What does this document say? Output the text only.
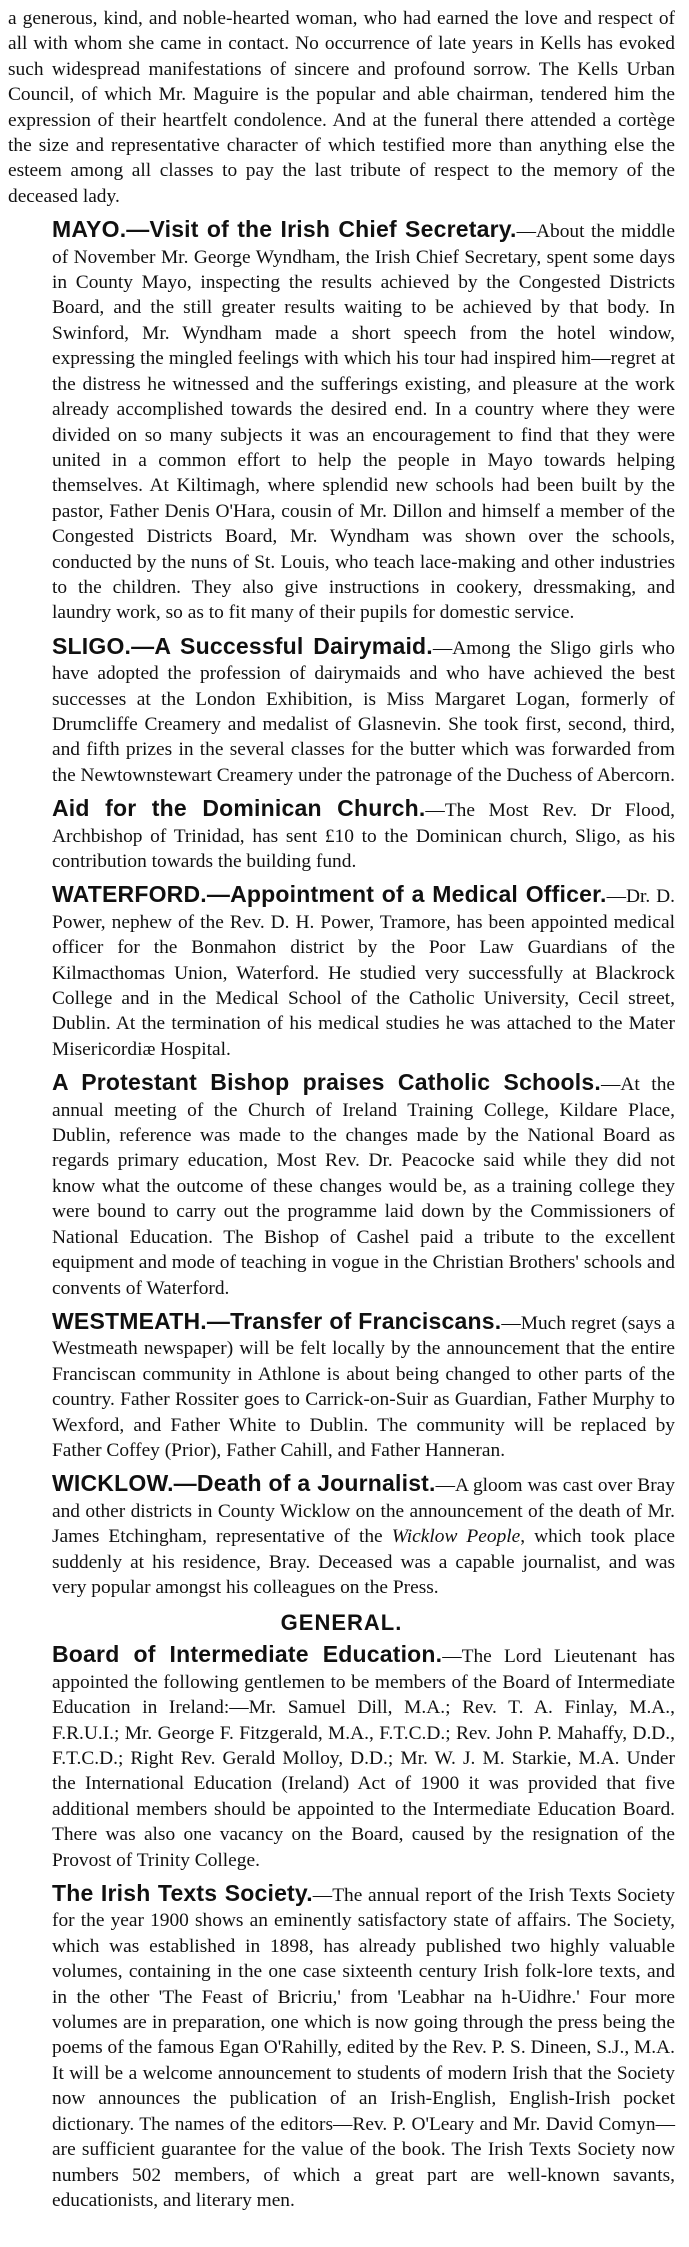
a generous, kind, and noble-hearted woman, who had earned the love and respect of all with whom she came in contact. No occurrence of late years in Kells has evoked such widespread manifestations of sincere and profound sorrow. The Kells Urban Council, of which Mr. Maguire is the popular and able chairman, tendered him the expression of their heartfelt condolence. And at the funeral there attended a cortège the size and representative character of which testified more than anything else the esteem among all classes to pay the last tribute of respect to the memory of the deceased lady.

MAYO.—Visit of the Irish Chief Secretary.—About the middle of November Mr. George Wyndham, the Irish Chief Secretary, spent some days in County Mayo, inspecting the results achieved by the Congested Districts Board, and the still greater results waiting to be achieved by that body. In Swinford, Mr. Wyndham made a short speech from the hotel window, expressing the mingled feelings with which his tour had inspired him—regret at the distress he witnessed and the sufferings existing, and pleasure at the work already accomplished towards the desired end. In a country where they were divided on so many subjects it was an encouragement to find that they were united in a common effort to help the people in Mayo towards helping themselves. At Kiltimagh, where splendid new schools had been built by the pastor, Father Denis O'Hara, cousin of Mr. Dillon and himself a member of the Congested Districts Board, Mr. Wyndham was shown over the schools, conducted by the nuns of St. Louis, who teach lace-making and other industries to the children. They also give instructions in cookery, dressmaking, and laundry work, so as to fit many of their pupils for domestic service.

SLIGO.—A Successful Dairymaid.—Among the Sligo girls who have adopted the profession of dairymaids and who have achieved the best successes at the London Exhibition, is Miss Margaret Logan, formerly of Drumcliffe Creamery and medalist of Glasnevin. She took first, second, third, and fifth prizes in the several classes for the butter which was forwarded from the Newtownstewart Creamery under the patronage of the Duchess of Abercorn.

Aid for the Dominican Church.—The Most Rev. Dr Flood, Archbishop of Trinidad, has sent £10 to the Dominican church, Sligo, as his contribution towards the building fund.

WATERFORD.—Appointment of a Medical Officer.—Dr. D. Power, nephew of the Rev. D. H. Power, Tramore, has been appointed medical officer for the Bonmahon district by the Poor Law Guardians of the Kilmacthomas Union, Waterford. He studied very successfully at Blackrock College and in the Medical School of the Catholic University, Cecil street, Dublin. At the termination of his medical studies he was attached to the Mater Misericordiæ Hospital.

A Protestant Bishop praises Catholic Schools.—At the annual meeting of the Church of Ireland Training College, Kildare Place, Dublin, reference was made to the changes made by the National Board as regards primary education, Most Rev. Dr. Peacocke said while they did not know what the outcome of these changes would be, as a training college they were bound to carry out the programme laid down by the Commissioners of National Education. The Bishop of Cashel paid a tribute to the excellent equipment and mode of teaching in vogue in the Christian Brothers' schools and convents of Waterford.

WESTMEATH.—Transfer of Franciscans.—Much regret (says a Westmeath newspaper) will be felt locally by the announcement that the entire Franciscan community in Athlone is about being changed to other parts of the country. Father Rossiter goes to Carrick-on-Suir as Guardian, Father Murphy to Wexford, and Father White to Dublin. The community will be replaced by Father Coffey (Prior), Father Cahill, and Father Hanneran.

WICKLOW.—Death of a Journalist.—A gloom was cast over Bray and other districts in County Wicklow on the announcement of the death of Mr. James Etchingham, representative of the Wicklow People, which took place suddenly at his residence, Bray. Deceased was a capable journalist, and was very popular amongst his colleagues on the Press.

GENERAL.

Board of Intermediate Education.—The Lord Lieutenant has appointed the following gentlemen to be members of the Board of Intermediate Education in Ireland:—Mr. Samuel Dill, M.A.; Rev. T. A. Finlay, M.A., F.R.U.I.; Mr. George F. Fitzgerald, M.A., F.T.C.D.; Rev. John P. Mahaffy, D.D., F.T.C.D.; Right Rev. Gerald Molloy, D.D.; Mr. W. J. M. Starkie, M.A. Under the International Education (Ireland) Act of 1900 it was provided that five additional members should be appointed to the Intermediate Education Board. There was also one vacancy on the Board, caused by the resignation of the Provost of Trinity College.

The Irish Texts Society.—The annual report of the Irish Texts Society for the year 1900 shows an eminently satisfactory state of affairs. The Society, which was established in 1898, has already published two highly valuable volumes, containing in the one case sixteenth century Irish folk-lore texts, and in the other 'The Feast of Bricriu,' from 'Leabhar na h-Uidhre.' Four more volumes are in preparation, one which is now going through the press being the poems of the famous Egan O'Rahilly, edited by the Rev. P. S. Dineen, S.J., M.A. It will be a welcome announcement to students of modern Irish that the Society now announces the publication of an Irish-English, English-Irish pocket dictionary. The names of the editors—Rev. P. O'Leary and Mr. David Comyn—are sufficient guarantee for the value of the book. The Irish Texts Society now numbers 502 members, of which a great part are well-known savants, educationists, and literary men.
